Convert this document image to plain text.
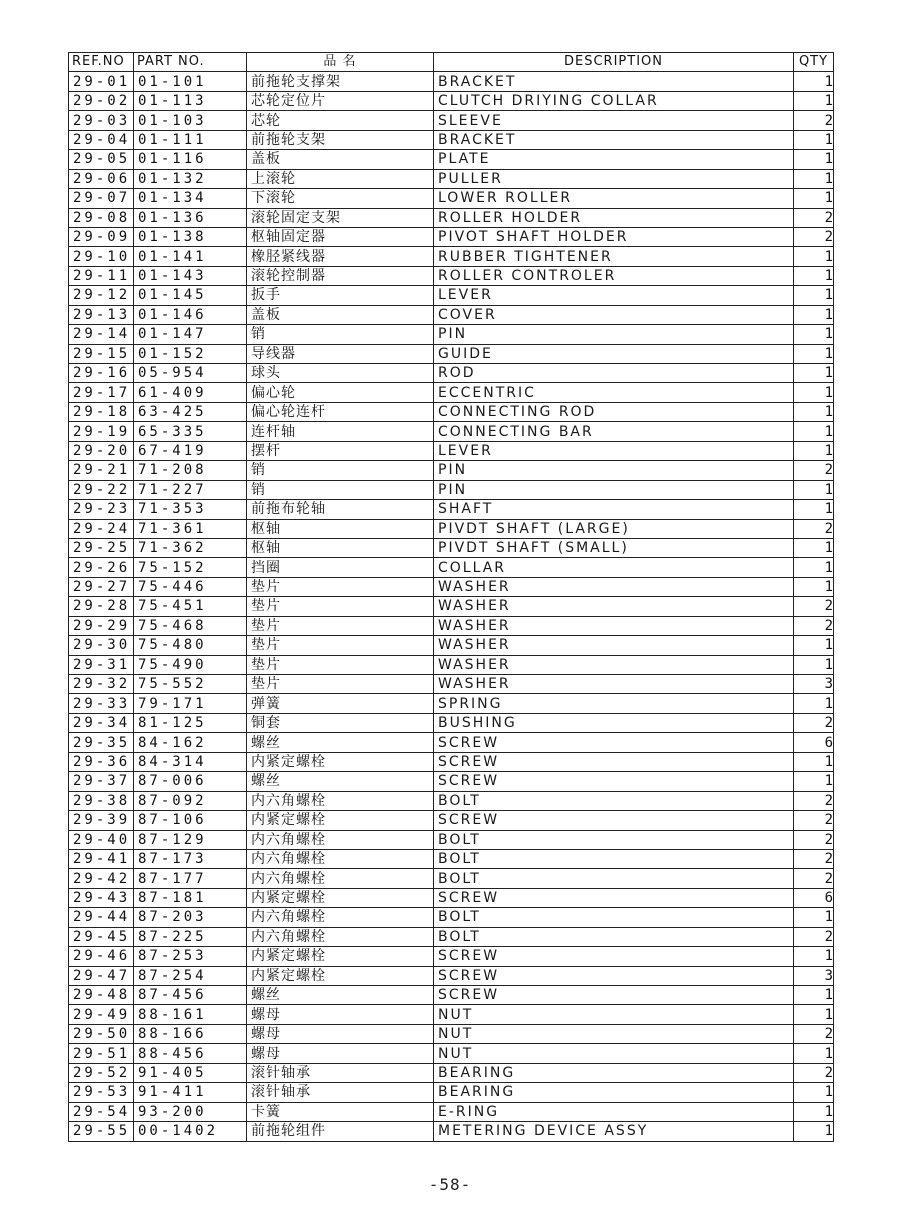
REF.NO	PART NO.	品 名	DESCRIPTION	QTY
29-01	01-101	前拖轮支撑架	BRACKET	1
29-02	01-113	芯轮定位片	CLUTCH DRIYING COLLAR	1
29-03	01-103	芯轮	SLEEVE	2
29-04	01-111	前拖轮支架	BRACKET	1
29-05	01-116	盖板	PLATE	1
29-06	01-132	上滚轮	PULLER	1
29-07	01-134	下滚轮	LOWER ROLLER	1
29-08	01-136	滚轮固定支架	ROLLER HOLDER	2
29-09	01-138	枢轴固定器	PIVOT SHAFT HOLDER	2
29-10	01-141	橡胫紧线器	RUBBER TIGHTENER	1
29-11	01-143	滚轮控制器	ROLLER CONTROLER	1
29-12	01-145	扳手	LEVER	1
29-13	01-146	盖板	COVER	1
29-14	01-147	销	PIN	1
29-15	01-152	导线器	GUIDE	1
29-16	05-954	球头	ROD	1
29-17	61-409	偏心轮	ECCENTRIC	1
29-18	63-425	偏心轮连杆	CONNECTING ROD	1
29-19	65-335	连杆轴	CONNECTING BAR	1
29-20	67-419	摆杆	LEVER	1
29-21	71-208	销	PIN	2
29-22	71-227	销	PIN	1
29-23	71-353	前拖布轮轴	SHAFT	1
29-24	71-361	枢轴	PIVDT SHAFT (LARGE)	2
29-25	71-362	枢轴	PIVDT SHAFT (SMALL)	1
29-26	75-152	挡圈	COLLAR	1
29-27	75-446	垫片	WASHER	1
29-28	75-451	垫片	WASHER	2
29-29	75-468	垫片	WASHER	2
29-30	75-480	垫片	WASHER	1
29-31	75-490	垫片	WASHER	1
29-32	75-552	垫片	WASHER	3
29-33	79-171	弹簧	SPRING	1
29-34	81-125	铜套	BUSHING	2
29-35	84-162	螺丝	SCREW	6
29-36	84-314	内紧定螺栓	SCREW	1
29-37	87-006	螺丝	SCREW	1
29-38	87-092	内六角螺栓	BOLT	2
29-39	87-106	内紧定螺栓	SCREW	2
29-40	87-129	内六角螺栓	BOLT	2
29-41	87-173	内六角螺栓	BOLT	2
29-42	87-177	内六角螺栓	BOLT	2
29-43	87-181	内紧定螺栓	SCREW	6
29-44	87-203	内六角螺栓	BOLT	1
29-45	87-225	内六角螺栓	BOLT	2
29-46	87-253	内紧定螺栓	SCREW	1
29-47	87-254	内紧定螺栓	SCREW	3
29-48	87-456	螺丝	SCREW	1
29-49	88-161	螺母	NUT	1
29-50	88-166	螺母	NUT	2
29-51	88-456	螺母	NUT	1
29-52	91-405	滚针轴承	BEARING	2
29-53	91-411	滚针轴承	BEARING	1
29-54	93-200	卡簧	E-RING	1
29-55	00-1402	前拖轮组件	METERING DEVICE ASSY	1
-58-
